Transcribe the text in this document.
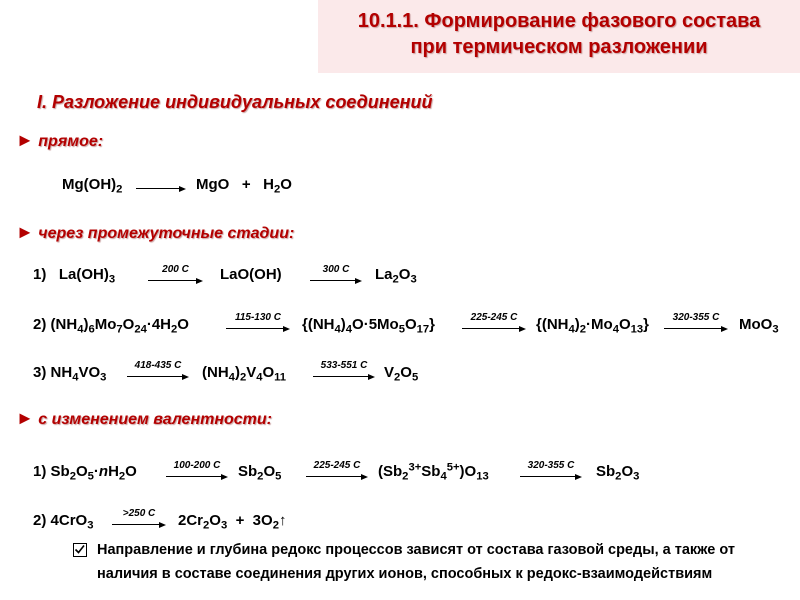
10.1.1. Формирование фазового состава
при термическом разложении
I. Разложение индивидуальных соединений
► прямое:
$Mg(OH)_2$	MgO + $H_2O$
► через промежуточные стадии:
1) $La(OH)_3$
200 C	LaO(OH)	300 C	$La_2O_3$
2) $(NH_4)_6Mo_7O_{24}\cdot 4H_2O$	115-130 C	$\{(NH_4)_4O\cdot 5Mo_5O_{17}\}$	225-245 C	$\{(NH_4)_2\cdot Mo_4O_{13}\}$	320-355 C	MoO$_3$
3) $NH_4VO_3$
418-435 C	$(NH_4)_2V_4O_{11}$
533-551 C	$V_2O_5$
► с изменением валентности:
1) $Sb_2O_5\cdot nH_2O$	100-200 C	$Sb_2O_5$
225-245 C	$(Sb_2^{3+}Sb_4^{5+})O_{13}$
320-355 C	$Sb_2O_3$
2) 4CrO$_3$
>250 C	$2Cr_2O_3$ + $3O_2↑$
Направление и глубина редокс процессов зависят от состава газовой среды, а также от
наличия в составе соединения других ионов, способных к редокс-взаимодействиям
